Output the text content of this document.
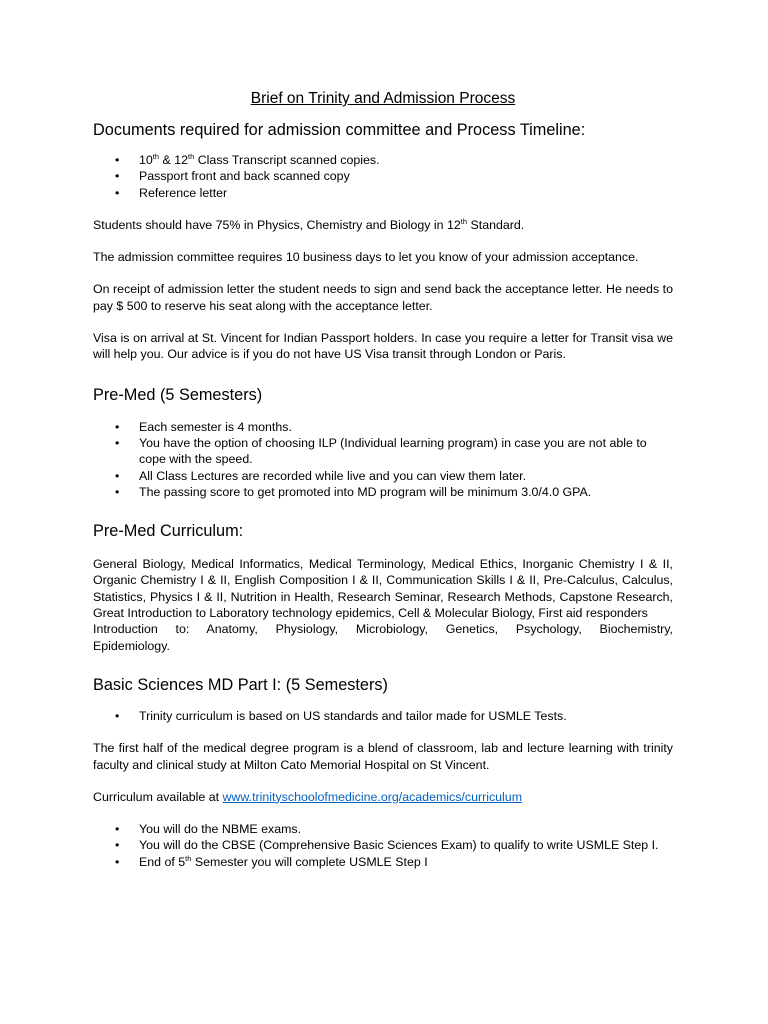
Brief on Trinity and Admission Process
Documents required for admission committee and Process Timeline:
• 10th & 12th Class Transcript scanned copies.
• Passport front and back scanned copy
• Reference letter

Students should have 75% in Physics, Chemistry and Biology in 12th Standard.

The admission committee requires 10 business days to let you know of your admission acceptance.

On receipt of admission letter the student needs to sign and send back the acceptance letter. He needs to pay $ 500 to reserve his seat along with the acceptance letter.

Visa is on arrival at St. Vincent for Indian Passport holders. In case you require a letter for Transit visa we will help you. Our advice is if you do not have US Visa transit through London or Paris.

Pre-Med (5 Semesters)
• Each semester is 4 months.
• You have the option of choosing ILP (Individual learning program) in case you are not able to cope with the speed.
• All Class Lectures are recorded while live and you can view them later.
• The passing score to get promoted into MD program will be minimum 3.0/4.0 GPA.
Pre-Med Curriculum:

General Biology, Medical Informatics, Medical Terminology, Medical Ethics, Inorganic Chemistry I & II, Organic Chemistry I & II, English Composition I & II, Communication Skills I & II, Pre-Calculus, Calculus, Statistics, Physics I & II, Nutrition in Health, Research Seminar, Research Methods, Capstone Research, Great Introduction to Laboratory technology epidemics, Cell & Molecular Biology, First aid responders

Introduction to: Anatomy, Physiology, Microbiology, Genetics, Psychology, Biochemistry,

Epidemiology.

Basic Sciences MD Part I: (5 Semesters)
• Trinity curriculum is based on US standards and tailor made for USMLE Tests.

The first half of the medical degree program is a blend of classroom, lab and lecture learning with trinity faculty and clinical study at Milton Cato Memorial Hospital on St Vincent.

Curriculum available at www.trinityschoolofmedicine.org/academics/curriculum

• You will do the NBME exams.
• You will do the CBSE (Comprehensive Basic Sciences Exam) to qualify to write USMLE Step I.
• End of 5th Semester you will complete USMLE Step I
